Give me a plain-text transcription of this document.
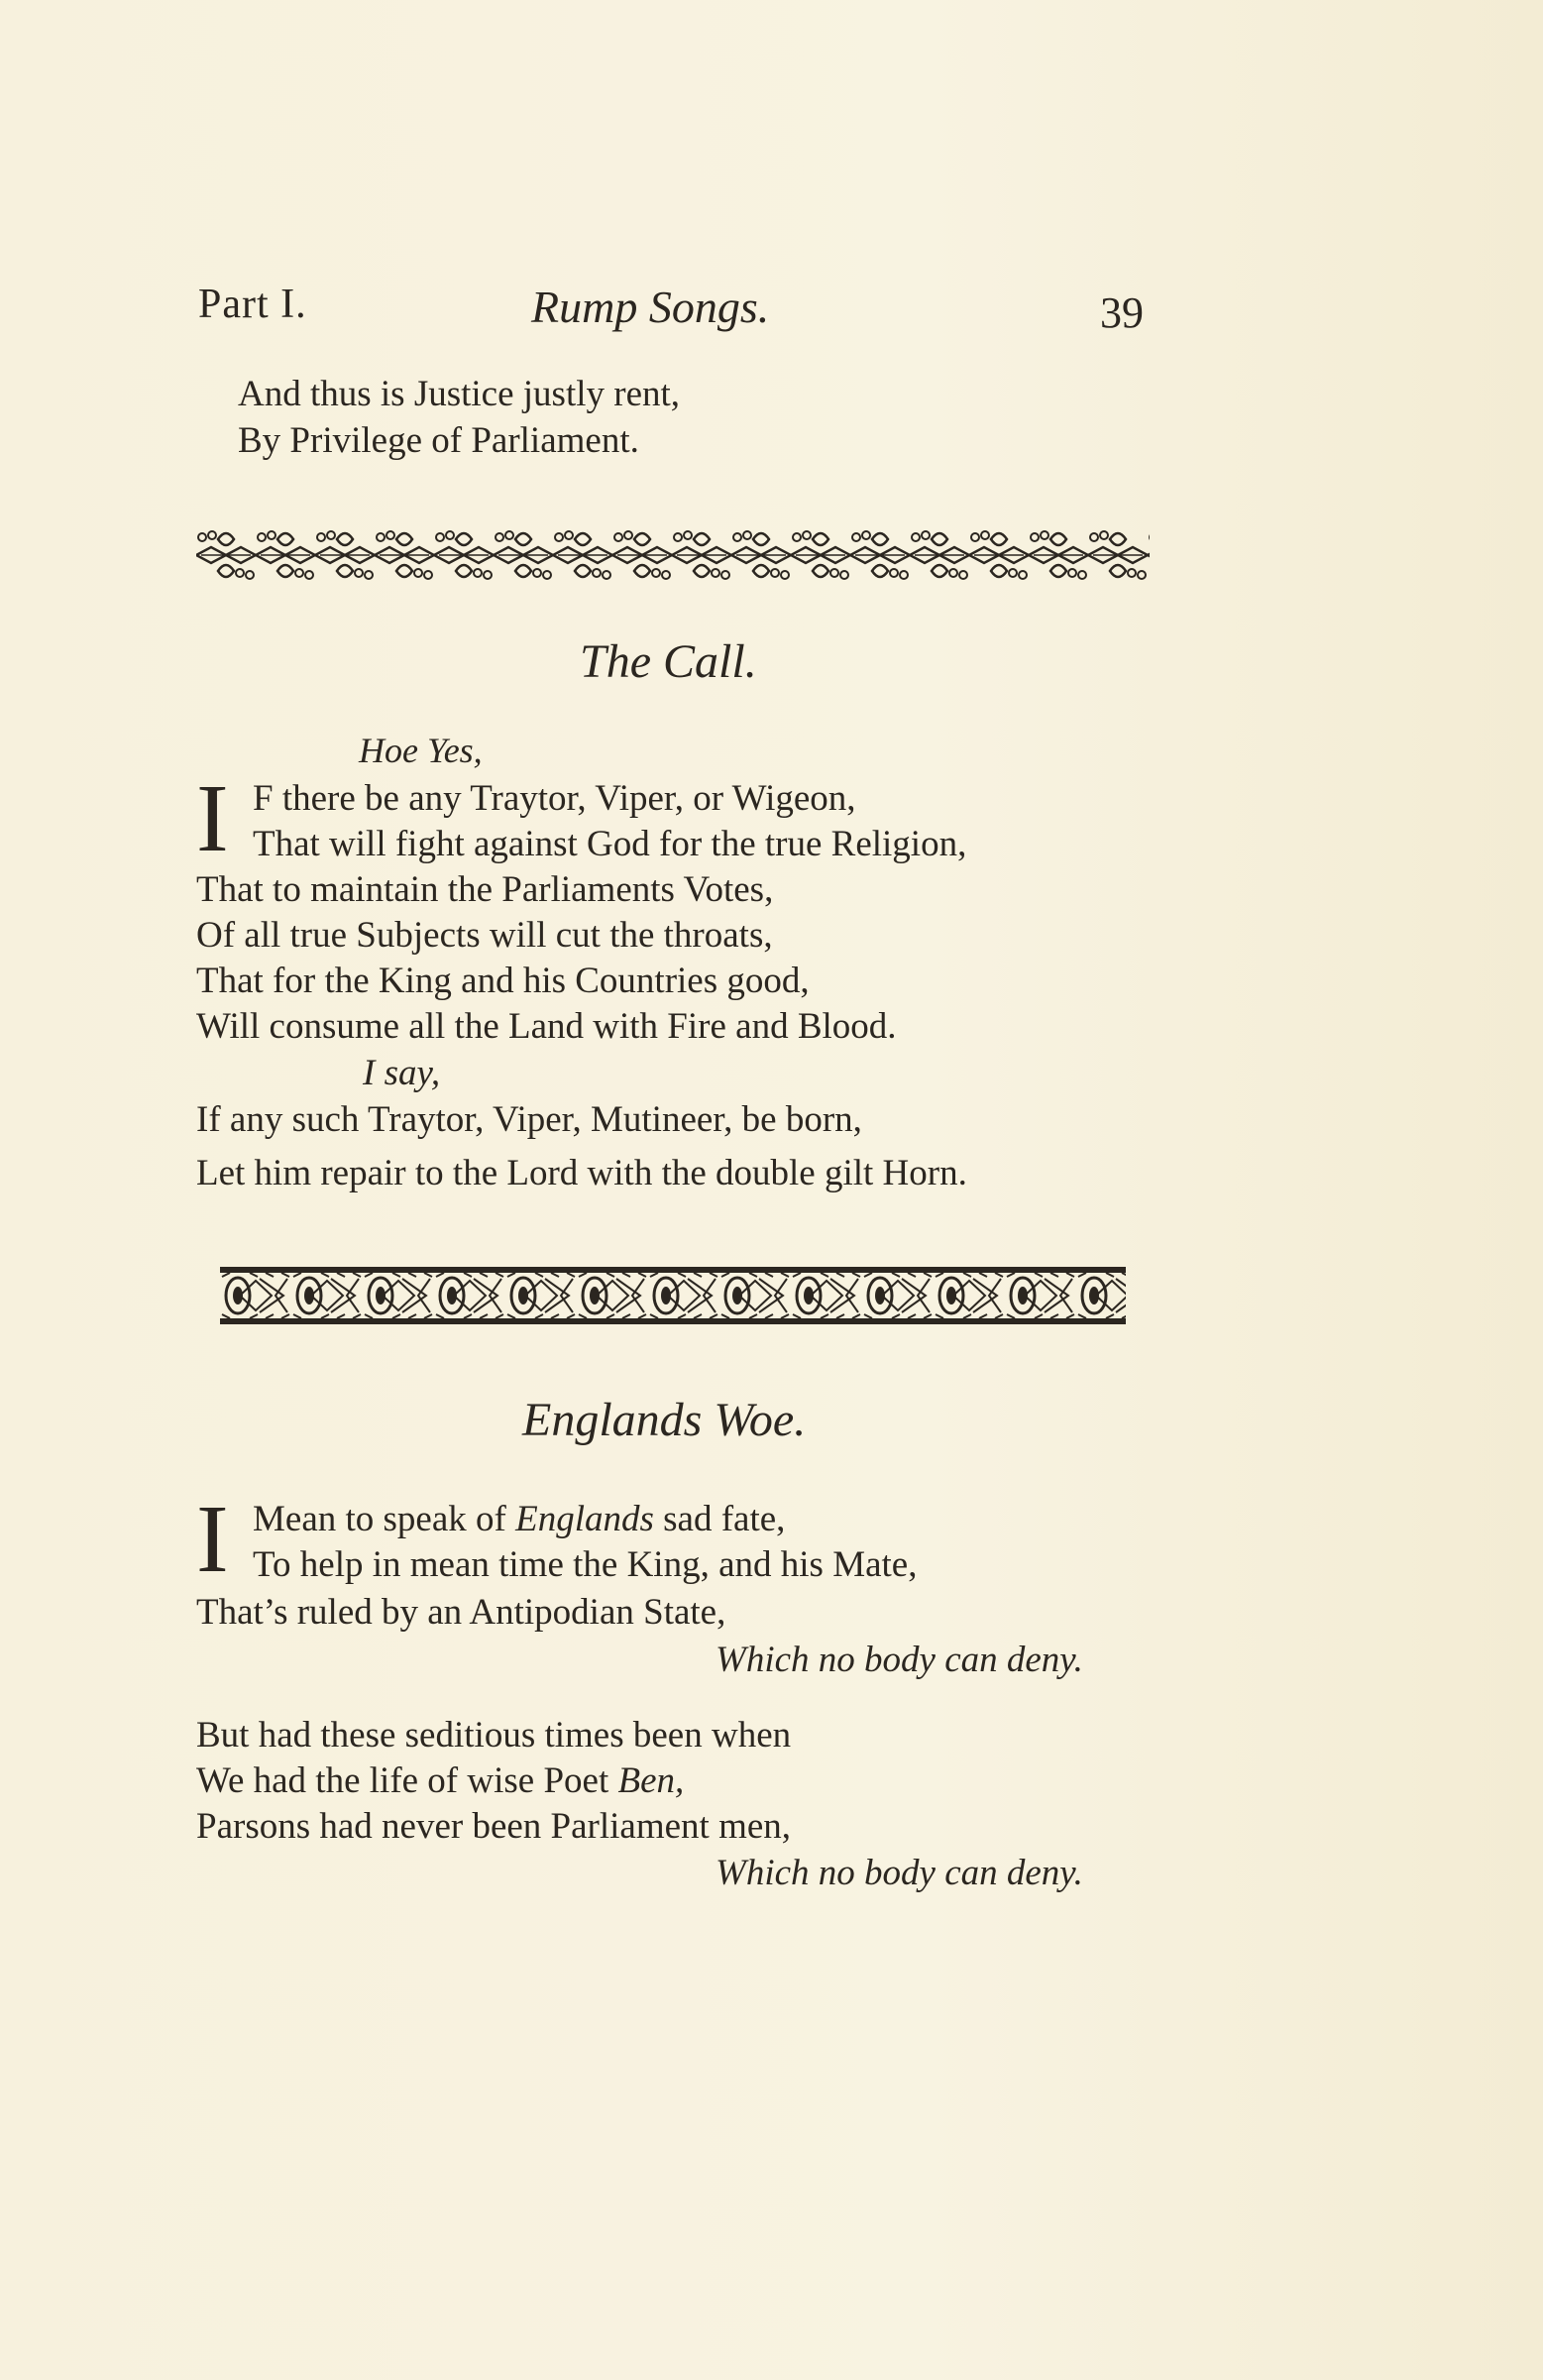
Part I.	Rump Songs.	39
And thus is Justice justly rent,
By Privilege of Parliament.
The Call.
Hoe Yes,
I F there be any Traytor, Viper, or Wigeon,
That will fight against God for the true Religion,
That to maintain the Parliaments Votes,
Of all true Subjects will cut the throats,
That for the King and his Countries good,
Will consume all the Land with Fire and Blood.
I say,
If any such Traytor, Viper, Mutineer, be born,
Let him repair to the Lord with the double gilt Horn.
Englands Woe.
I Mean to speak of Englands sad fate,
To help in mean time the King, and his Mate,
That’s ruled by an Antipodian State,
Which no body can deny.
But had these seditious times been when
We had the life of wise Poet Ben,
Parsons had never been Parliament men,
Which no body can deny.
